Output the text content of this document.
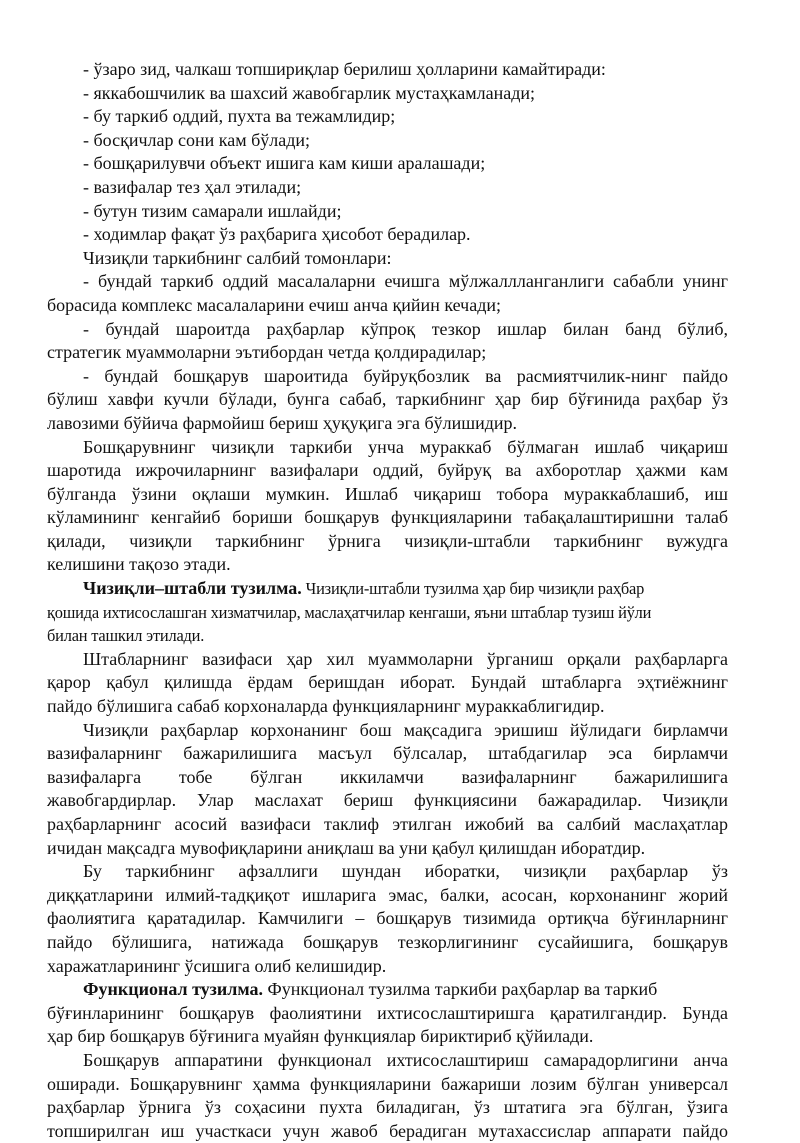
- ўзаро зид, чалкаш топшириқлар берилиш ҳолларини камайтиради:
- яккабошчилик ва шахсий жавобгарлик мустаҳкамланади;
- бу таркиб оддий, пухта ва тежамлидир;
- босқичлар сони кам бўлади;
- бошқарилувчи объект ишига кам киши аралашади;
- вазифалар тез ҳал этилади;
- бутун тизим самарали ишлайди;
- ходимлар фақат ўз раҳбарига ҳисобот берадилар.
Чизиқли таркибнинг салбий томонлари:
- бундай таркиб оддий масалаларни ечишга мўлжаллланганлиги сабабли унинг
борасида комплекс масалаларини ечиш анча қийин кечади;
- бундай шароитда раҳбарлар кўпроқ тезкор ишлар билан банд бўлиб,
стратегик муаммоларни эътибордан четда қолдирадилар;
- бундай бошқарув шароитида буйруқбозлик ва расмиятчилик-нинг пайдо
бўлиш хавфи кучли бўлади, бунга сабаб, таркибнинг ҳар бир бўғинида раҳбар ўз
лавозими бўйича фармойиш бериш ҳуқуқига эга бўлишидир.
Бошқарувнинг чизиқли таркиби унча мураккаб бўлмаган ишлаб чиқариш
шаротида ижрочиларнинг вазифалари оддий, буйруқ ва ахборотлар ҳажми кам
бўлганда ўзини оқлаши мумкин. Ишлаб чиқариш тобора мураккаблашиб, иш
кўламининг кенгайиб бориши бошқарув функцияларини табақалаштиришни талаб
қилади, чизиқли таркибнинг ўрнига чизиқли-штабли таркибнинг вужудга
келишини тақозо этади.
Чизиқли–штабли тузилма. Чизиқли-штабли тузилма ҳар бир чизиқли раҳбар
қошида ихтисослашган хизматчилар, маслаҳатчилар кенгаши, яъни штаблар тузиш йўли
билан ташкил этилади.
Штабларнинг вазифаси ҳар хил муаммоларни ўрганиш орқали раҳбарларга
қарор қабул қилишда ёрдам беришдан иборат. Бундай штабларга эҳтиёжнинг
пайдо бўлишига сабаб корхоналарда функцияларнинг мураккаблигидир.
Чизиқли раҳбарлар корхонанинг бош мақсадига эришиш йўлидаги бирламчи
вазифаларнинг бажарилишига масъул бўлсалар, штабдагилар эса бирламчи
вазифаларга тобе бўлган иккиламчи вазифаларнинг бажарилишига
жавобгардирлар. Улар маслахат бериш функциясини бажарадилар. Чизиқли
раҳбарларнинг асосий вазифаси таклиф этилган ижобий ва салбий маслаҳатлар
ичидан мақсадга мувофиқларини аниқлаш ва уни қабул қилишдан иборатдир.
Бу таркибнинг афзаллиги шундан иборатки, чизиқли раҳбарлар ўз
диққатларини илмий-тадқиқот ишларига эмас, балки, асосан, корхонанинг жорий
фаолиятига қаратадилар. Камчилиги – бошқарув тизимида ортиқча бўғинларнинг
пайдо бўлишига, натижада бошқарув тезкорлигининг сусайишига, бошқарув
харажатларининг ўсишига олиб келишидир.
Функционал тузилма. Функционал тузилма таркиби раҳбарлар ва таркиб
бўғинларининг бошқарув фаолиятини ихтисослаштиришга қаратилгандир. Бунда
ҳар бир бошқарув бўғинига муайян функциялар бириктириб қўйилади.
Бошқарув аппаратини функционал ихтисослаштириш самарадорлигини анча
оширади. Бошқарувнинг ҳамма функцияларини бажариши лозим бўлган универсал
раҳбарлар ўрнига ўз соҳасини пухта биладиган, ўз штатига эга бўлган, ўзига
топширилган иш участкаси учун жавоб берадиган мутахассислар аппарати пайдо
